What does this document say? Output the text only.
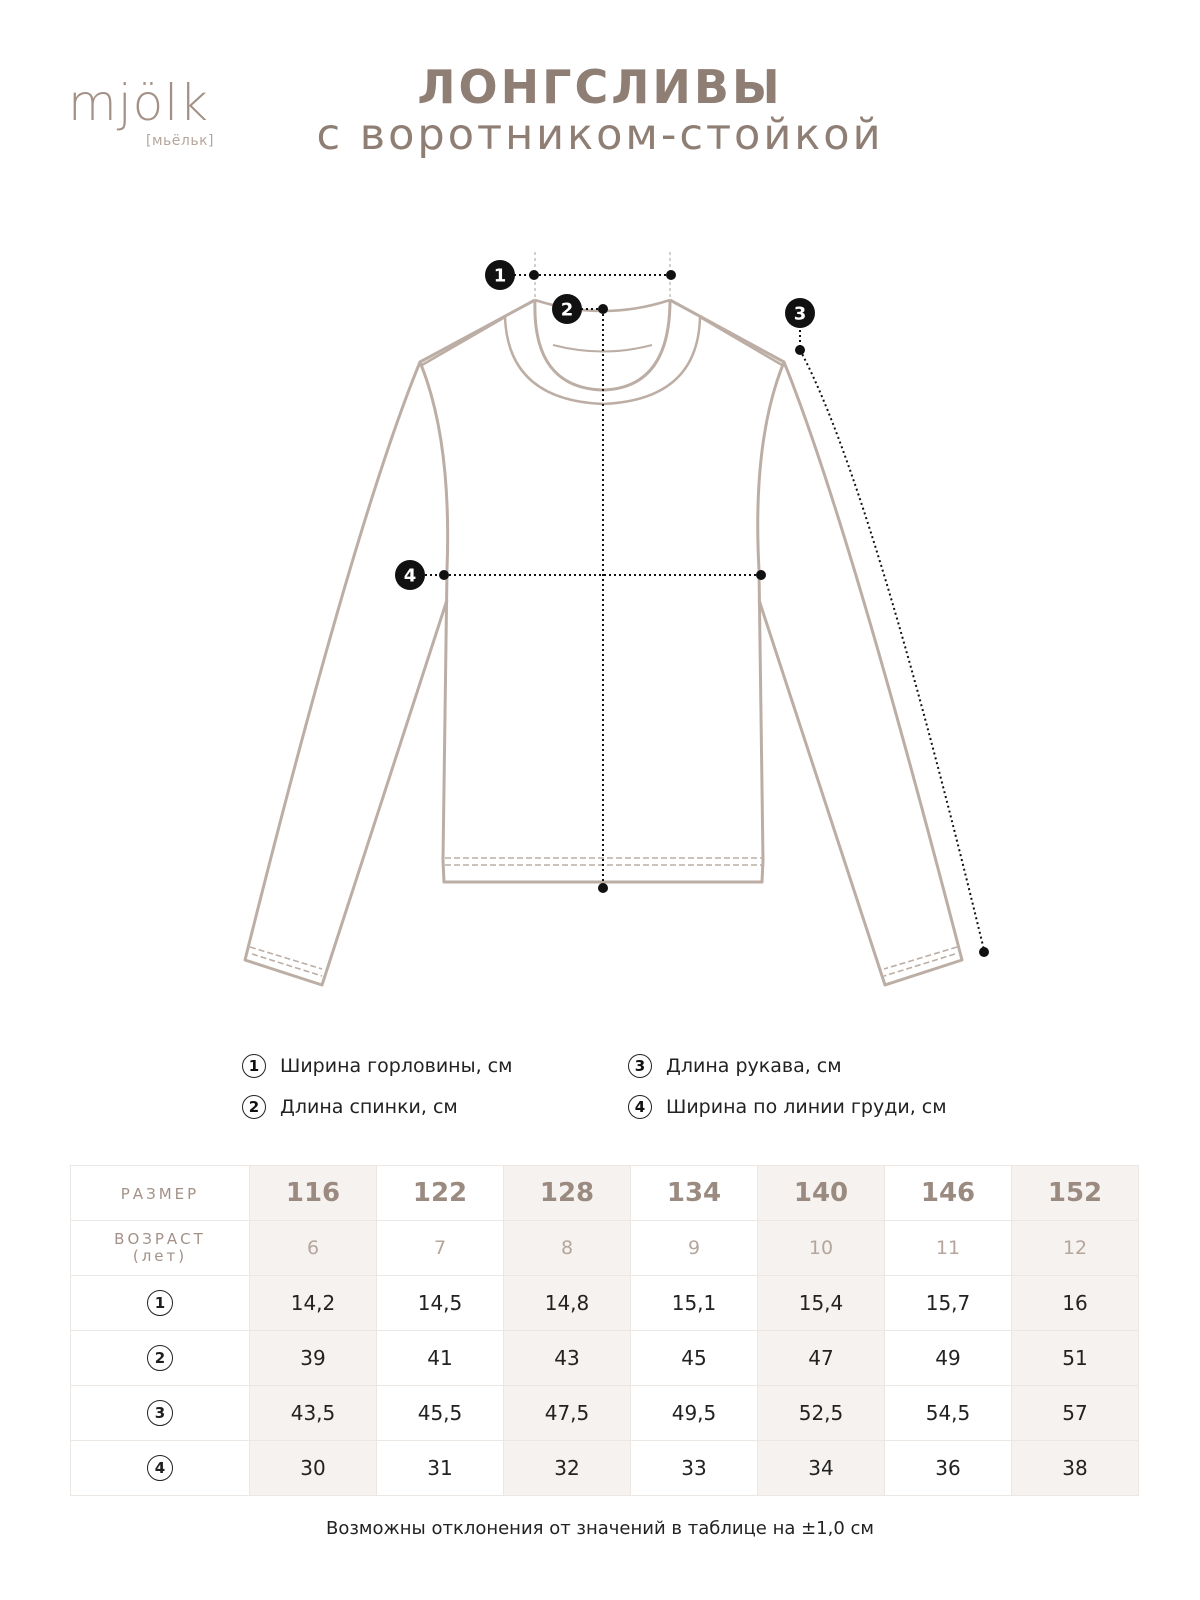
mjölk
[мьёльк]
ЛОНГСЛИВЫ
с воротником-стойкой
1
2	3
4
1	Ширина горловины, см
2	Длина спинки, см
3	Длина рукава, см
4	Ширина по линии груди, см
РАЗМЕР	116	122	128	134	140	146	152

ВОЗРАСТ
(лет)	6	7	8	9	10	11	12
1	14,2	14,5	14,8	15,1	15,4	15,7	16
2	39	41	43	45	47	49	51
3	43,5	45,5	47,5	49,5	52,5	54,5	57
4	30	31	32	33	34	36	38
Возможны отклонения от значений в таблице на ±1,0 см
